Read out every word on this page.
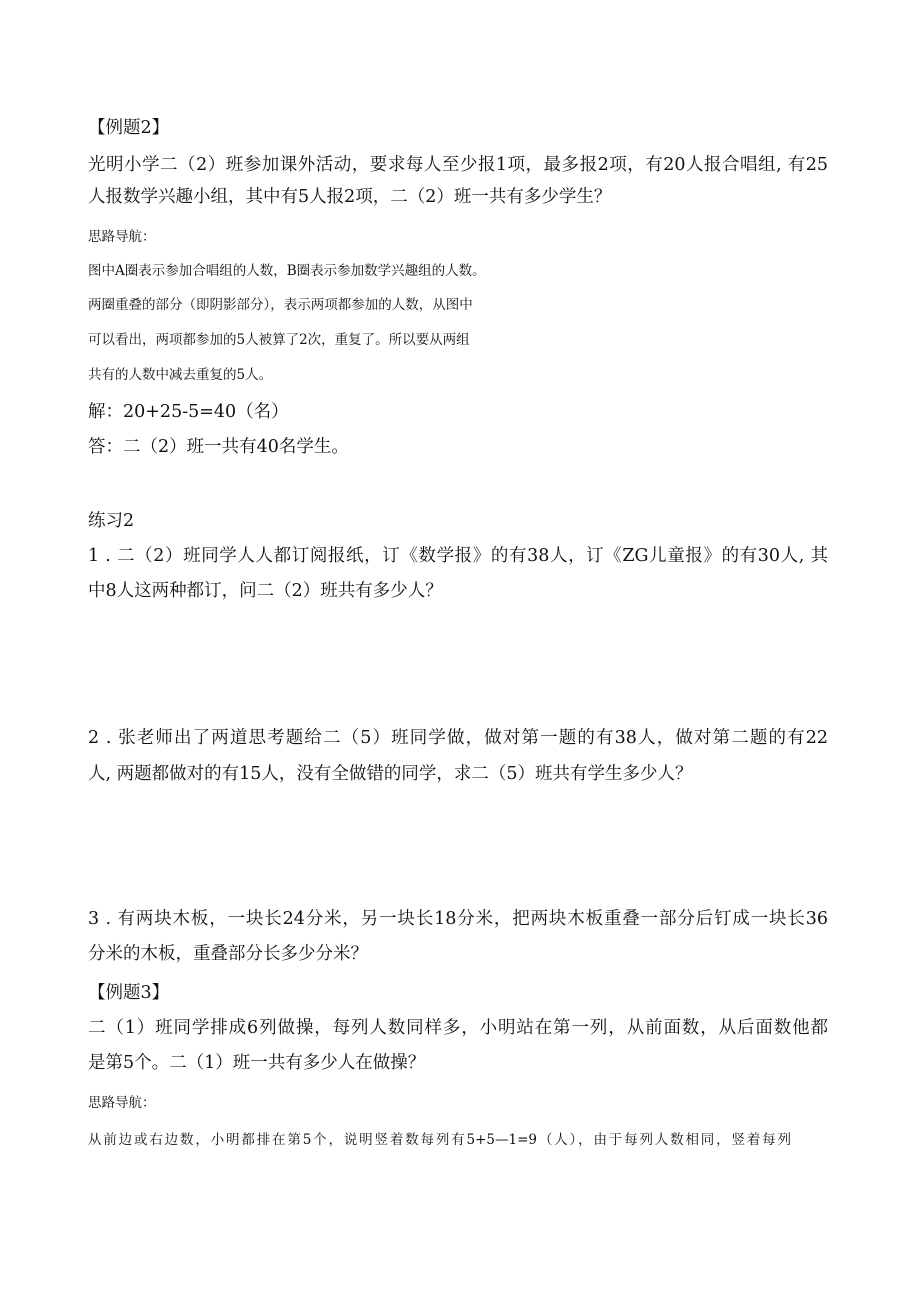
【例题2】
光明小学二（2）班参加课外活动，要求每人至少报1项，最多报2项，有20人报合唱组, 有25
人报数学兴趣小组，其中有5人报2项，二（2）班一共有多少学生？
思路导航：
图中A圈表示参加合唱组的人数，B圈表示参加数学兴趣组的人数。
两圈重叠的部分（即阴影部分），表示两项都参加的人数，从图中
可以看出，两项都参加的5人被算了2次，重复了。所以要从两组
共有的人数中减去重复的5人。
解：20+25-5=40（名）
答：二（2）班一共有40名学生。
练习2
1 . 二（2）班同学人人都订阅报纸，订《数学报》的有38人，订《ZG儿童报》的有30人, 其
中8人这两种都订，问二（2）班共有多少人？
2 . 张老师出了两道思考题给二（5）班同学做，做对第一题的有38人，做对第二题的有22
人, 两题都做对的有15人，没有全做错的同学，求二（5）班共有学生多少人？
3 . 有两块木板，一块长24分米，另一块长18分米，把两块木板重叠一部分后钉成一块长36
分米的木板，重叠部分长多少分米？
【例题3】
二（1）班同学排成6列做操，每列人数同样多，小明站在第一列，从前面数，从后面数他都
是第5个。二（1）班一共有多少人在做操？
思路导航：
从前边或右边数，小明都排在第5个，说明竖着数每列有5+5—1=9（人），由于每列人数相同，竖着每列
